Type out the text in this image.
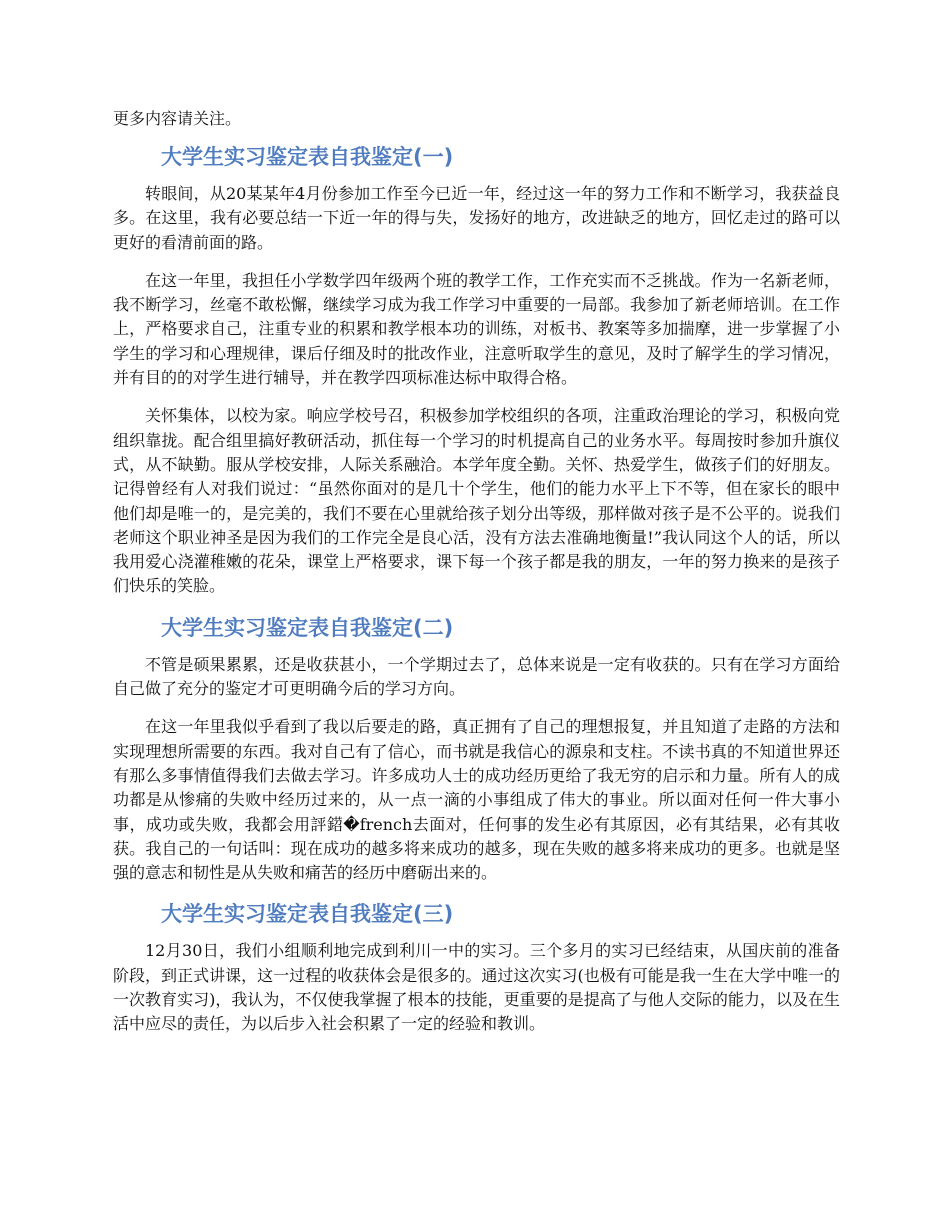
更多内容请关注。

大学生实习鉴定表自我鉴定(一)

转眼间，从20某某年4月份参加工作至今已近一年，经过这一年的努力工作和不断学习，我获益良多。在这里，我有必要总结一下近一年的得与失，发扬好的地方，改进缺乏的地方，回忆走过的路可以更好的看清前面的路。

在这一年里，我担任小学数学四年级两个班的教学工作，工作充实而不乏挑战。作为一名新老师，我不断学习，丝毫不敢松懈，继续学习成为我工作学习中重要的一局部。我参加了新老师培训。在工作上，严格要求自己，注重专业的积累和教学根本功的训练，对板书、教案等多加揣摩，进一步掌握了小学生的学习和心理规律，课后仔细及时的批改作业，注意听取学生的意见，及时了解学生的学习情况，并有目的的对学生进行辅导，并在教学四项标准达标中取得合格。

关怀集体，以校为家。响应学校号召，积极参加学校组织的各项，注重政治理论的学习，积极向党组织靠拢。配合组里搞好教研活动，抓住每一个学习的时机提高自己的业务水平。每周按时参加升旗仪式，从不缺勤。服从学校安排，人际关系融洽。本学年度全勤。关怀、热爱学生，做孩子们的好朋友。记得曾经有人对我们说过：“虽然你面对的是几十个学生，他们的能力水平上下不等，但在家长的眼中他们却是唯一的，是完美的，我们不要在心里就给孩子划分出等级，那样做对孩子是不公平的。说我们老师这个职业神圣是因为我们的工作完全是良心活，没有方法去准确地衡量!”我认同这个人的话，所以我用爱心浇灌稚嫩的花朵，课堂上严格要求，课下每一个孩子都是我的朋友，一年的努力换来的是孩子们快乐的笑脸。

大学生实习鉴定表自我鉴定(二)

不管是硕果累累，还是收获甚小，一个学期过去了，总体来说是一定有收获的。只有在学习方面给自己做了充分的鉴定才可更明确今后的学习方向。

在这一年里我似乎看到了我以后要走的路，真正拥有了自己的理想报复，并且知道了走路的方法和实现理想所需要的东西。我对自己有了信心，而书就是我信心的源泉和支柱。不读书真的不知道世界还有那么多事情值得我们去做去学习。许多成功人士的成功经历更给了我无穷的启示和力量。所有人的成功都是从惨痛的失败中经历过来的，从一点一滴的小事组成了伟大的事业。所以面对任何一件大事小事，成功或失败，我都会用評鍣�french去面对，任何事的发生必有其原因，必有其结果，必有其收获。我自己的一句话叫：现在成功的越多将来成功的越多，现在失败的越多将来成功的更多。也就是坚强的意志和韧性是从失败和痛苦的经历中磨砺出来的。

大学生实习鉴定表自我鉴定(三)

12月30日，我们小组顺利地完成到利川一中的实习。三个多月的实习已经结束，从国庆前的准备阶段，到正式讲课，这一过程的收获体会是很多的。通过这次实习(也极有可能是我一生在大学中唯一的一次教育实习)，我认为，不仅使我掌握了根本的技能，更重要的是提高了与他人交际的能力，以及在生活中应尽的责任，为以后步入社会积累了一定的经验和教训。
